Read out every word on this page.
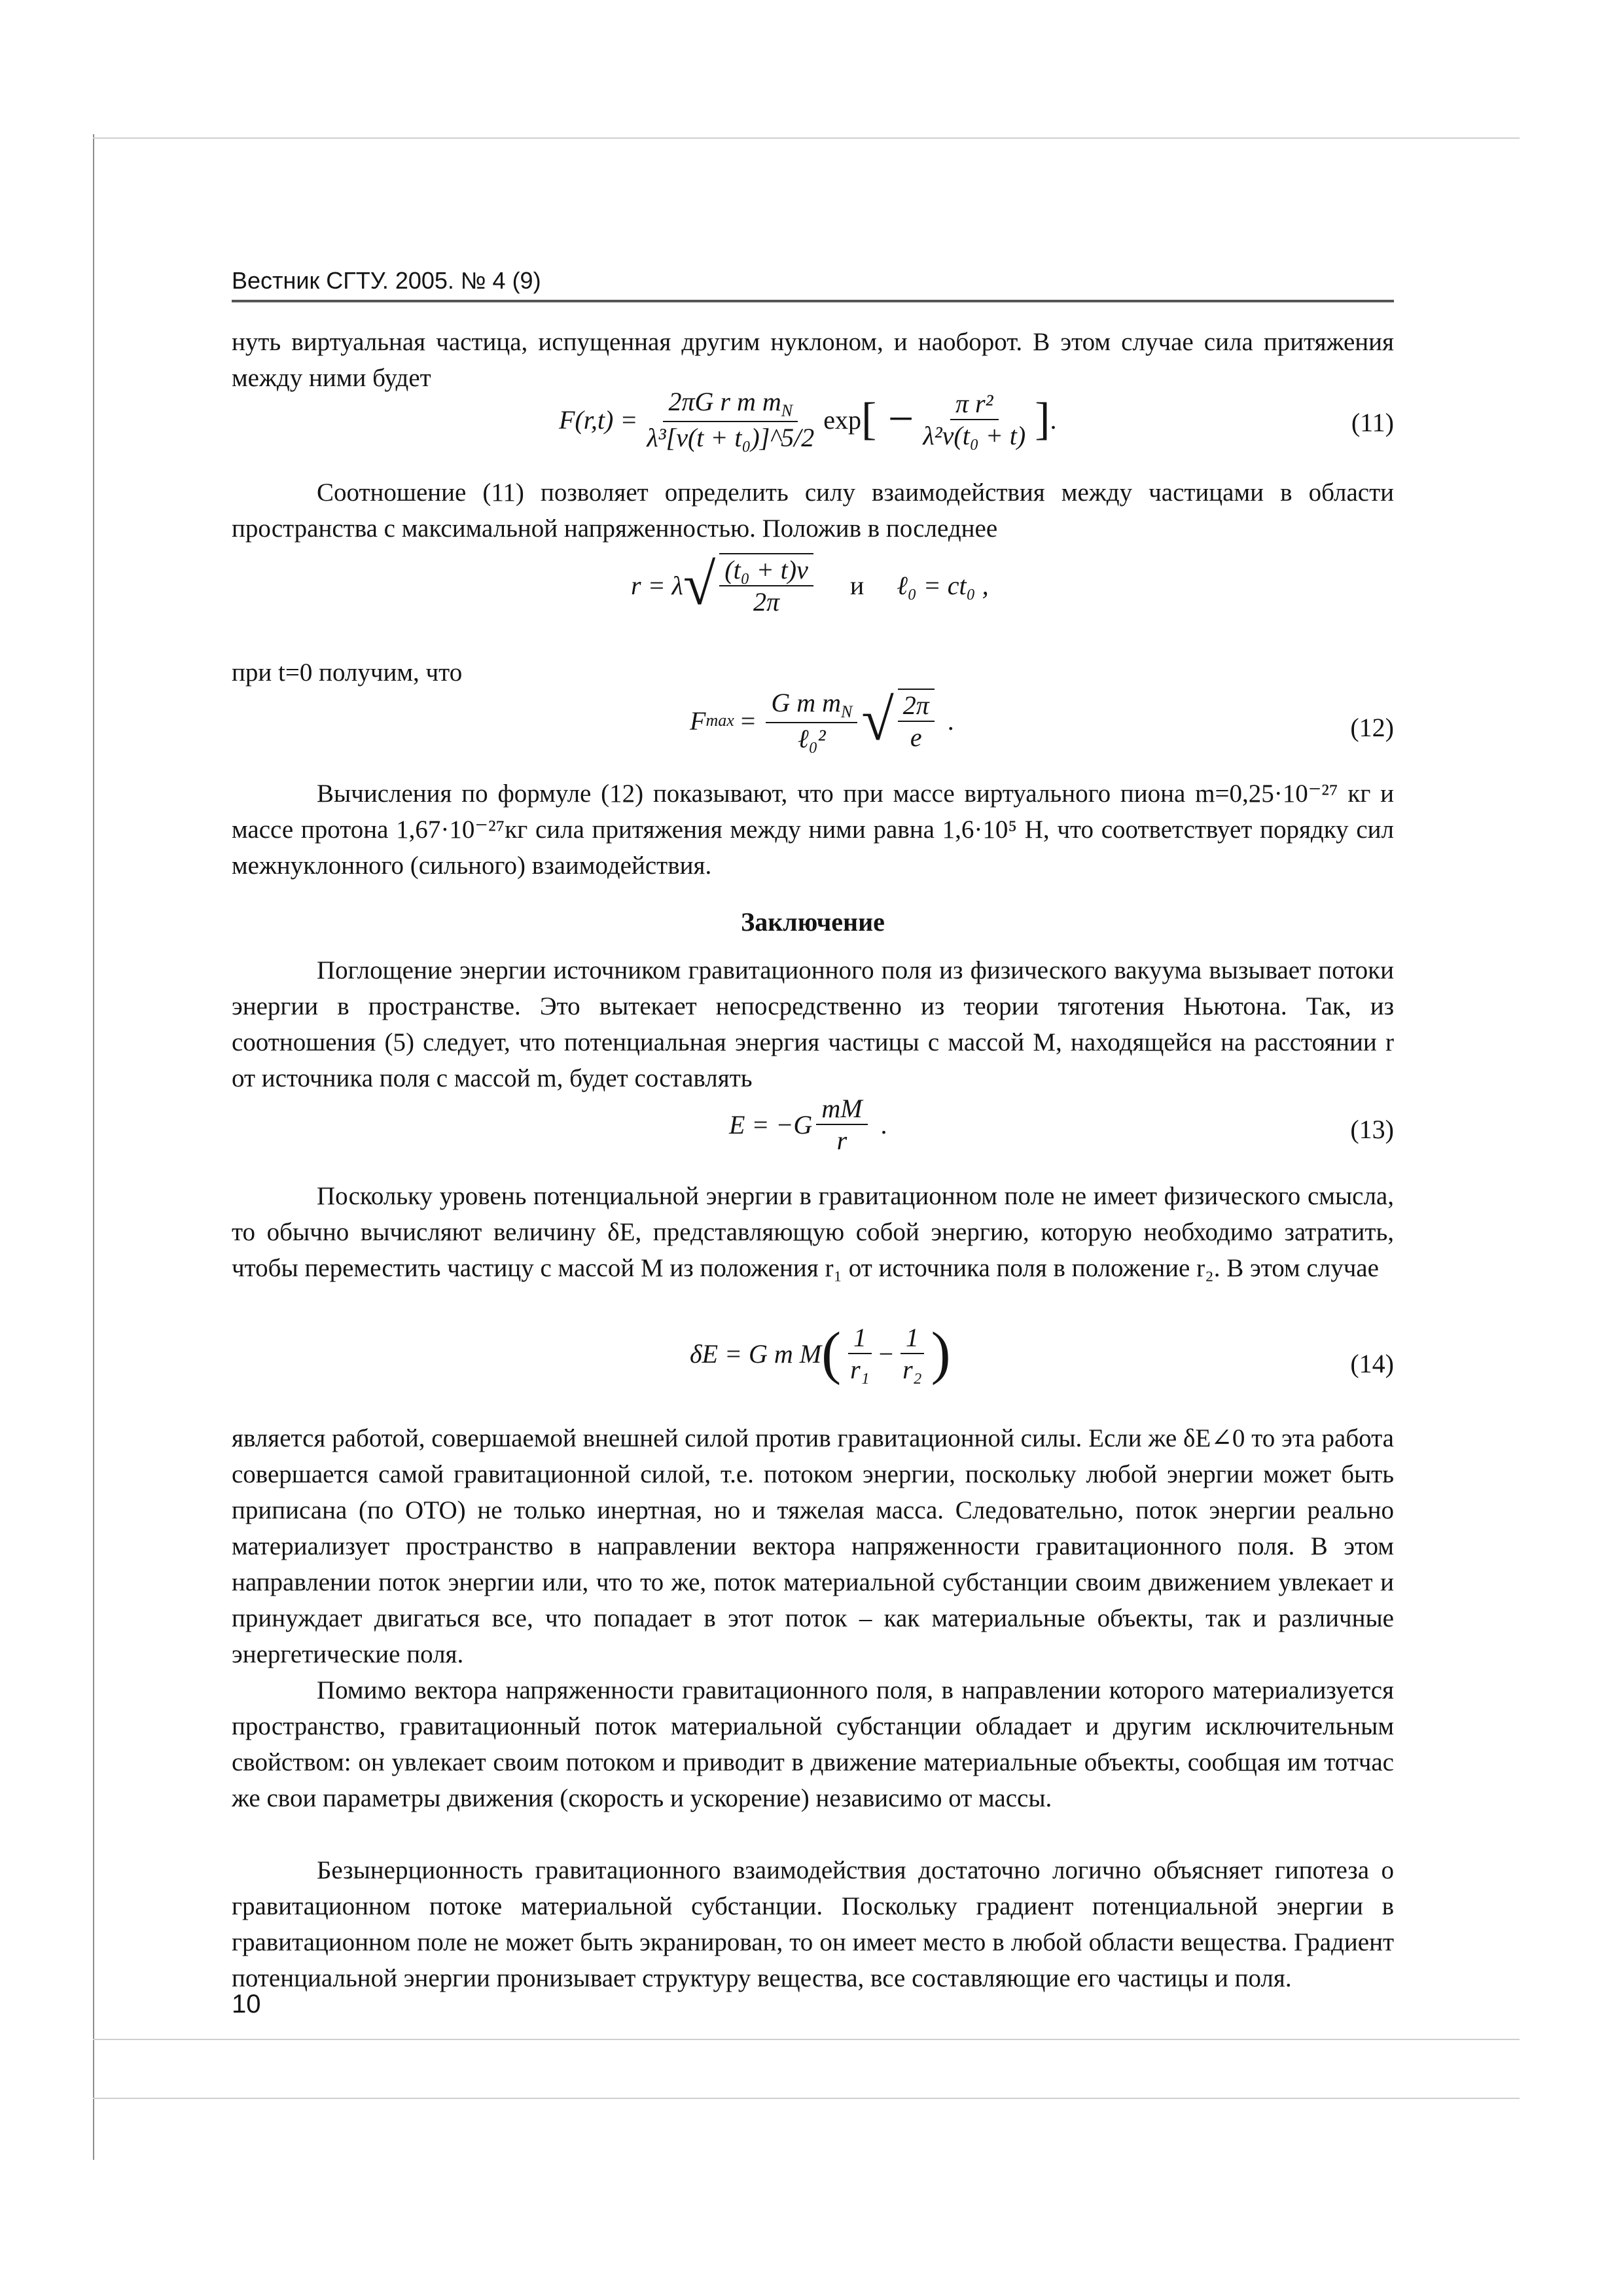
Вестник СГТУ. 2005. № 4 (9)
нуть виртуальная частица, испущенная другим нуклоном, и наоборот. В этом случае сила притяжения между ними будет
$F(r,t) = \frac{2\pi G r m m_N}{\text{λ³[v(t + t₀)]\textasciicircum{}5/2}}$ exp [ − $\frac{\text{π r²}}{\text{λ²v(t₀ + t)}}$ ] .	(11)
Соотношение (11) позволяет определить силу взаимодействия между частицами в области пространства с максимальной напряженностью. Положив в последнее
r = λ √ $\frac{\text{(t₀ + t)ν}}{2\pi}$ и ℓ₀ = ct₀ ,
при t=0 получим, что
F $\max = \frac{G m m_N}{\text{ℓ₀²}}$ √ $\frac{2\pi}{e}$ .	(12)
Вычисления по формуле (12) показывают, что при массе виртуального пиона m=0,25·10⁻²⁷ кг и массе протона 1,67·10⁻²⁷кг сила притяжения между ними равна 1,6·10⁵ Н, что соответствует порядку сил межнуклонного (сильного) взаимодействия.
Заключение
Поглощение энергии источником гравитационного поля из физического вакуума вызывает потоки энергии в пространстве. Это вытекает непосредственно из теории тяготения Ньютона. Так, из соотношения (5) следует, что потенциальная энергия частицы с массой М, находящейся на расстоянии r от источника поля с массой m, будет составлять
$E = -G \frac{mM}{r}$ .	(13)
Поскольку уровень потенциальной энергии в гравитационном поле не имеет физического смысла, то обычно вычисляют величину δE, представляющую собой энергию, которую необходимо затратить, чтобы переместить частицу с массой M из положения r₁ от источника поля в положение r₂. В этом случае
δE = G m M ( $\frac{1}{\text{r₁}} - \frac{1}{\text{r₂}}$ )	(14)
является работой, совершаемой внешней силой против гравитационной силы. Если же δE∠0 то эта работа совершается самой гравитационной силой, т.е. потоком энергии, поскольку любой энергии может быть приписана (по ОТО) не только инертная, но и тяжелая масса. Следовательно, поток энергии реально материализует пространство в направлении вектора напряженности гравитационного поля. В этом направлении поток энергии или, что то же, поток материальной субстанции своим движением увлекает и принуждает двигаться все, что попадает в этот поток – как материальные объекты, так и различные энергетические поля.
Помимо вектора напряженности гравитационного поля, в направлении которого материализуется пространство, гравитационный поток материальной субстанции обладает и другим исключительным свойством: он увлекает своим потоком и приводит в движение материальные объекты, сообщая им тотчас же свои параметры движения (скорость и ускорение) независимо от массы.
Безынерционность гравитационного взаимодействия достаточно логично объясняет гипотеза о гравитационном потоке материальной субстанции. Поскольку градиент потенциальной энергии в гравитационном поле не может быть экранирован, то он имеет место в любой области вещества. Градиент потенциальной энергии пронизывает структуру вещества, все составляющие его частицы и поля.
10
